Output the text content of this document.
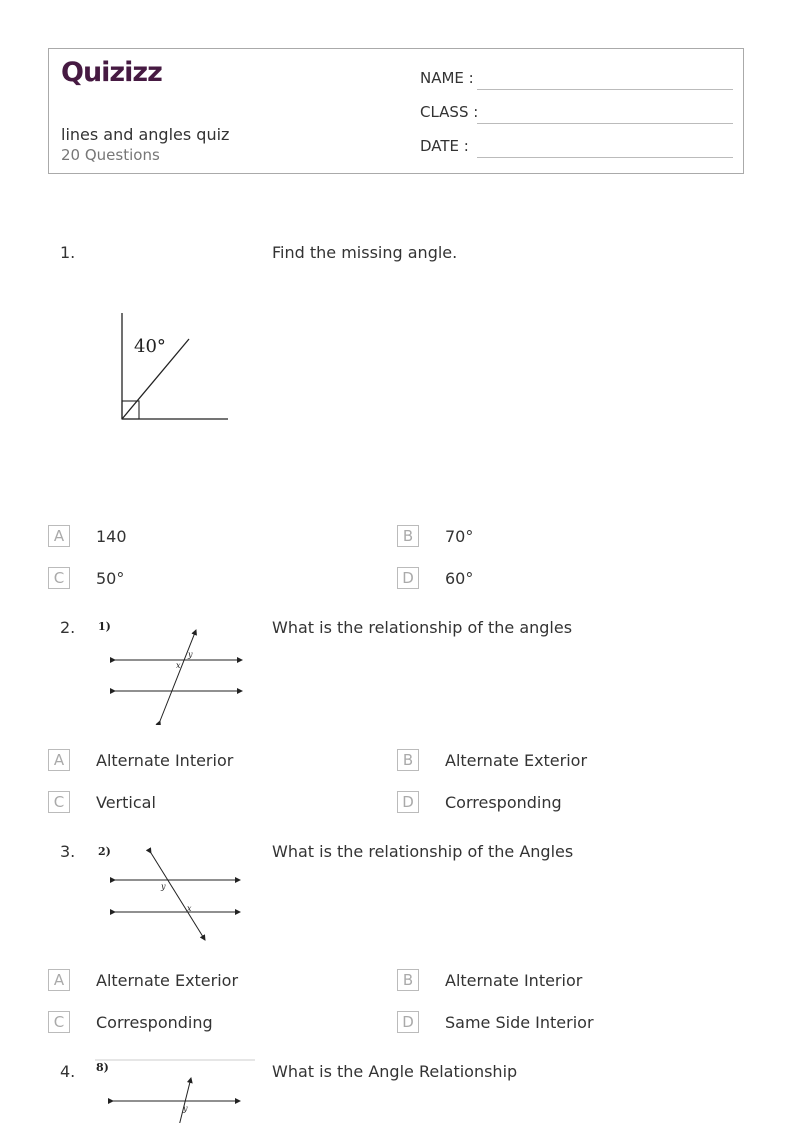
Quizizz
lines and angles quiz
20 Questions
NAME :
CLASS :
DATE :
1.	Find the missing angle.
40°
A	140	B	70°
C	50°	D	60°
2.	What is the relationship of the angles
1)
x
y
A	Alternate Interior	B	Alternate Exterior
C	Vertical	D	Corresponding
3.	What is the relationship of the Angles
2)
y
x
A	Alternate Exterior	B	Alternate Interior
C	Corresponding	D	Same Side Interior
4.	What is the Angle Relationship
8)
y
